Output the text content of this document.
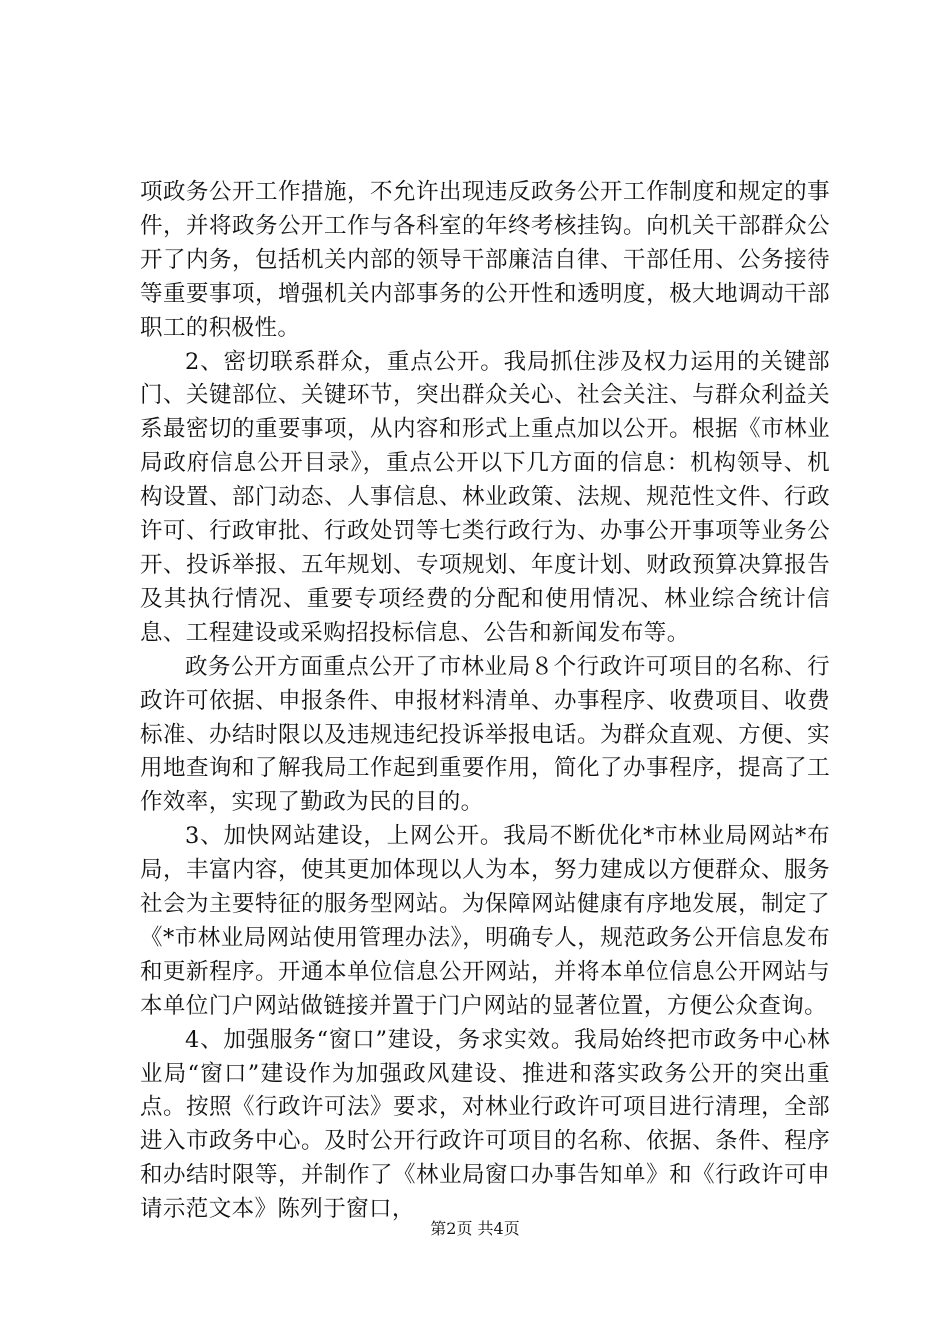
项政务公开工作措施，不允许出现违反政务公开工作制度和规定的事件，并将政务公开工作与各科室的年终考核挂钩。向机关干部群众公开了内务，包括机关内部的领导干部廉洁自律、干部任用、公务接待等重要事项，增强机关内部事务的公开性和透明度，极大地调动干部职工的积极性。

2、密切联系群众，重点公开。我局抓住涉及权力运用的关键部门、关键部位、关键环节，突出群众关心、社会关注、与群众利益关系最密切的重要事项，从内容和形式上重点加以公开。根据《市林业局政府信息公开目录》，重点公开以下几方面的信息：机构领导、机构设置、部门动态、人事信息、林业政策、法规、规范性文件、行政许可、行政审批、行政处罚等七类行政行为、办事公开事项等业务公开、投诉举报、五年规划、专项规划、年度计划、财政预算决算报告及其执行情况、重要专项经费的分配和使用情况、林业综合统计信息、工程建设或采购招投标信息、公告和新闻发布等。

政务公开方面重点公开了市林业局８个行政许可项目的名称、行政许可依据、申报条件、申报材料清单、办事程序、收费项目、收费标准、办结时限以及违规违纪投诉举报电话。为群众直观、方便、实用地查询和了解我局工作起到重要作用，简化了办事程序，提高了工作效率，实现了勤政为民的目的。

3、加快网站建设，上网公开。我局不断优化*市林业局网站*布局，丰富内容，使其更加体现以人为本，努力建成以方便群众、服务社会为主要特征的服务型网站。为保障网站健康有序地发展，制定了《*市林业局网站使用管理办法》，明确专人，规范政务公开信息发布和更新程序。开通本单位信息公开网站，并将本单位信息公开网站与本单位门户网站做链接并置于门户网站的显著位置，方便公众查询。

4、加强服务“窗口”建设，务求实效。我局始终把市政务中心林业局“窗口”建设作为加强政风建设、推进和落实政务公开的突出重点。按照《行政许可法》要求，对林业行政许可项目进行清理，全部进入市政务中心。及时公开行政许可项目的名称、依据、条件、程序和办结时限等，并制作了《林业局窗口办事告知单》和《行政许可申请示范文本》陈列于窗口，

第2页 共4页
